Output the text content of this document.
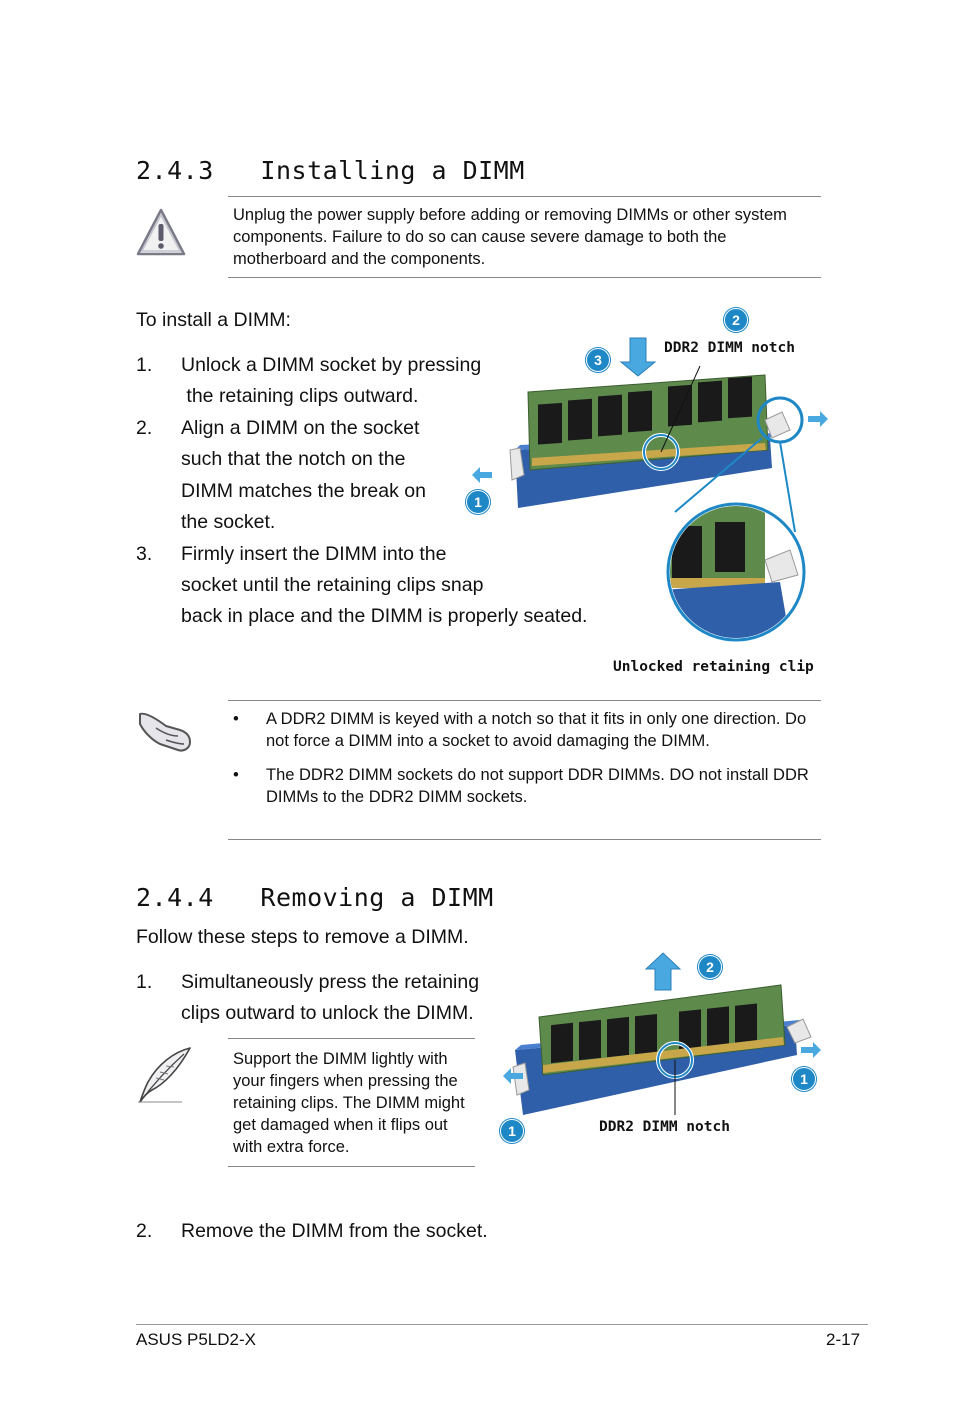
2.4.3   Installing a DIMM
Unplug the power supply before adding or removing DIMMs or other system components. Failure to do so can cause severe damage to both the motherboard and the components.
To install a DIMM:
1. Unlock a DIMM socket by pressing
the retaining clips outward.
2. Align a DIMM on the socket
such that the notch on the
DIMM matches the break on
the socket.
3. Firmly insert the DIMM into the
socket until the retaining clips snap
back in place and the DIMM is properly seated.
2
3
1
DDR2 DIMM notch
Unlocked retaining clip
• A DDR2 DIMM is keyed with a notch so that it fits in only one direction. Do not force a DIMM into a socket to avoid damaging the DIMM.
• The DDR2 DIMM sockets do not support DDR DIMMs. DO not install DDR DIMMs to the DDR2 DIMM sockets.
2.4.4   Removing a DIMM
Follow these steps to remove a DIMM.
1. Simultaneously press the retaining
clips outward to unlock the DIMM.
Support the DIMM lightly with your fingers when pressing the retaining clips. The DIMM might get damaged when it flips out with extra force.
2
1
1	DDR2 DIMM notch
2. Remove the DIMM from the socket.
ASUS P5LD2-X	2-17
